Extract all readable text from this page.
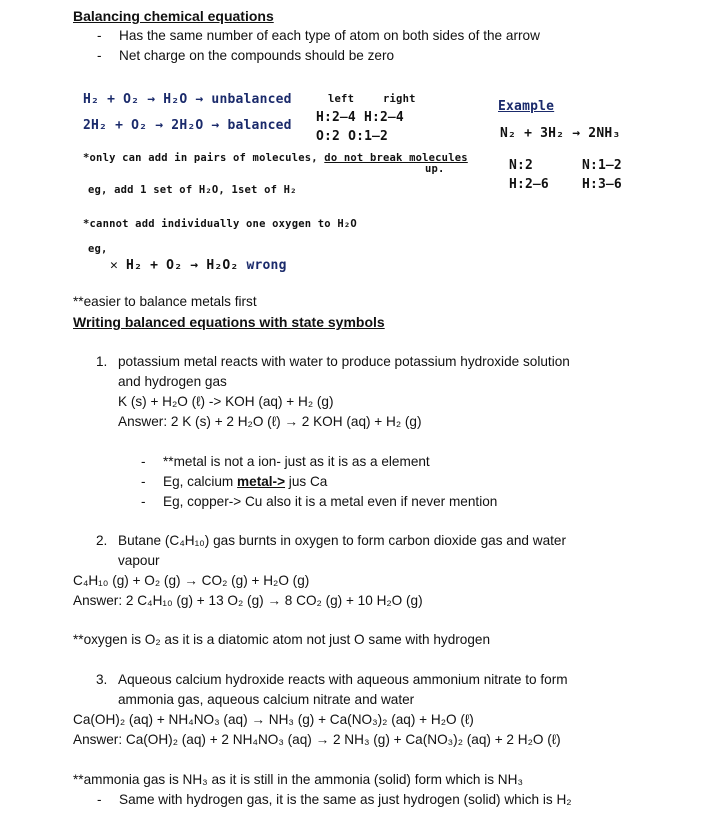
Balancing chemical equations
- Has the same number of each type of atom on both sides of the arrow
- Net charge on the compounds should be zero
H₂ + O₂ → H₂O → unbalanced
2H₂ + O₂ → 2H₂O → balanced
left	right
H:2̶4 H:2̶4
O:2 O:1̶2
*only can add in pairs of molecules, do not break molecules
up.
eg, add 1 set of H₂O, 1set of H₂
*cannot add individually one oxygen to H₂O
eg,
✕ H₂ + O₂ → H₂O₂ wrong
Example
N₂ + 3H₂ → 2NH₃
N:2	N:1̶2
H:2̶6	H:3̶6
**easier to balance metals first
Writing balanced equations with state symbols
1. potassium metal reacts with water to produce potassium hydroxide solution
and hydrogen gas
K (s) + H₂O (ℓ) -> KOH (aq) + H₂ (g)
Answer: 2 K (s) + 2 H₂O (ℓ) → 2 KOH (aq) + H₂ (g)
- **metal is not a ion- just as it is as a element
- Eg, calcium metal-> jus Ca
- Eg, copper-> Cu also it is a metal even if never mention
2. Butane (C₄H₁₀) gas burnts in oxygen to form carbon dioxide gas and water
vapour
C₄H₁₀ (g) + O₂ (g) → CO₂ (g) + H₂O (g)
Answer: 2 C₄H₁₀ (g) + 13 O₂ (g) → 8 CO₂ (g) + 10 H₂O (g)
**oxygen is O₂ as it is a diatomic atom not just O same with hydrogen
3. Aqueous calcium hydroxide reacts with aqueous ammonium nitrate to form
ammonia gas, aqueous calcium nitrate and water
Ca(OH)₂ (aq) + NH₄NO₃ (aq) → NH₃ (g) + Ca(NO₃)₂ (aq) + H₂O (ℓ)
Answer: Ca(OH)₂ (aq) + 2 NH₄NO₃ (aq) → 2 NH₃ (g) + Ca(NO₃)₂ (aq) + 2 H₂O (ℓ)
**ammonia gas is NH₃ as it is still in the ammonia (solid) form which is NH₃
- Same with hydrogen gas, it is the same as just hydrogen (solid) which is H₂
